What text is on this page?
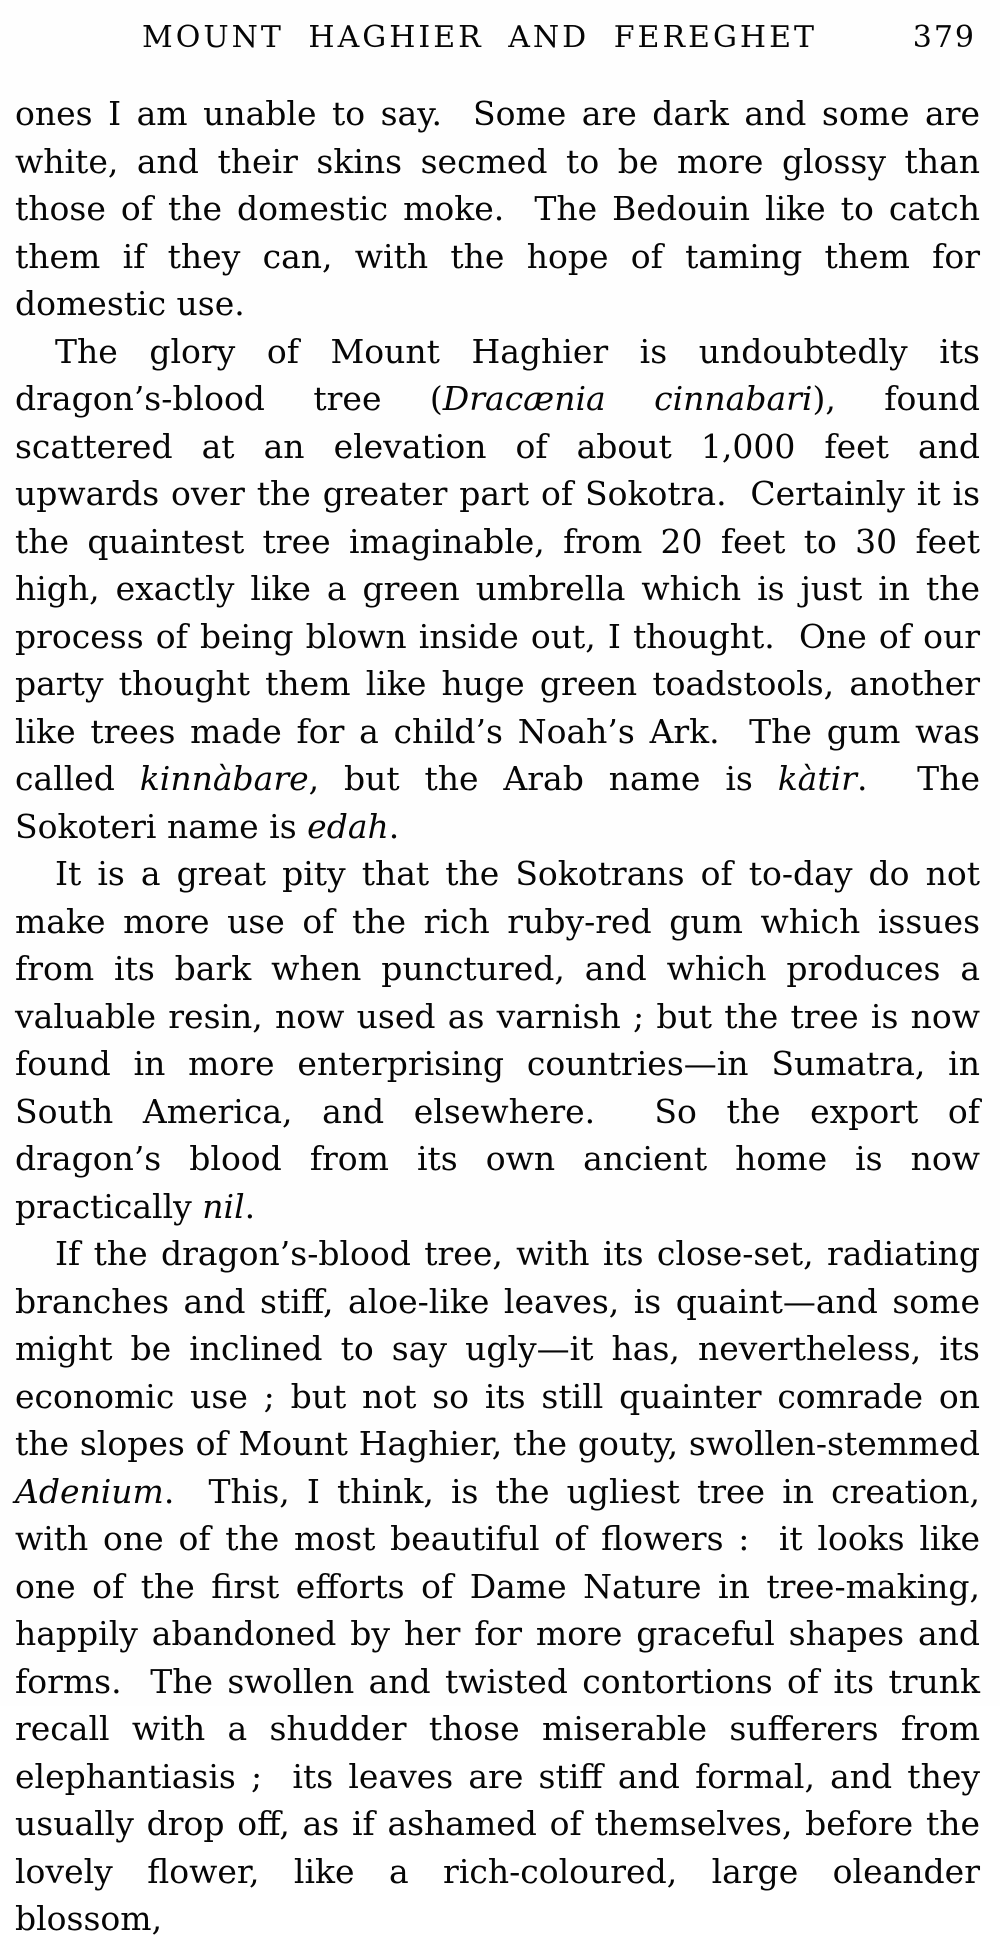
MOUNT HAGHIER AND FEREGHET	379

ones I am unable to say.  Some are dark and some are white, and their skins secmed to be more glossy than those of the domestic moke.  The Bedouin like to catch them if they can, with the hope of taming them for domestic use.

The glory of Mount Haghier is undoubtedly its dragon’s-blood tree (Dracænia cinnabari), found scattered at an elevation of about 1,000 feet and upwards over the greater part of Sokotra.  Certainly it is the quaintest tree imaginable, from 20 feet to 30 feet high, exactly like a green umbrella which is just in the process of being blown inside out, I thought.  One of our party thought them like huge green toadstools, another like trees made for a child’s Noah’s Ark.  The gum was called kinnàbare, but the Arab name is kàtir.  The Sokoteri name is edah.

It is a great pity that the Sokotrans of to-day do not make more use of the rich ruby-red gum which issues from its bark when punctured, and which produces a valuable resin, now used as varnish ; but the tree is now found in more enterprising countries—in Sumatra, in South America, and elsewhere.  So the export of dragon’s blood from its own ancient home is now practically nil.

If the dragon’s-blood tree, with its close-set, radiating branches and stiff, aloe-like leaves, is quaint—and some might be inclined to say ugly—it has, nevertheless, its economic use ; but not so its still quainter comrade on the slopes of Mount Haghier, the gouty, swollen-stemmed Adenium.  This, I think, is the ugliest tree in creation, with one of the most beautiful of flowers :  it looks like one of the first efforts of Dame Nature in tree-making, happily abandoned by her for more graceful shapes and forms.  The swollen and twisted contortions of its trunk recall with a shudder those miserable sufferers from elephantiasis ;  its leaves are stiff and formal, and they usually drop off, as if ashamed of themselves, before the lovely flower, like a rich-coloured, large oleander blossom,
